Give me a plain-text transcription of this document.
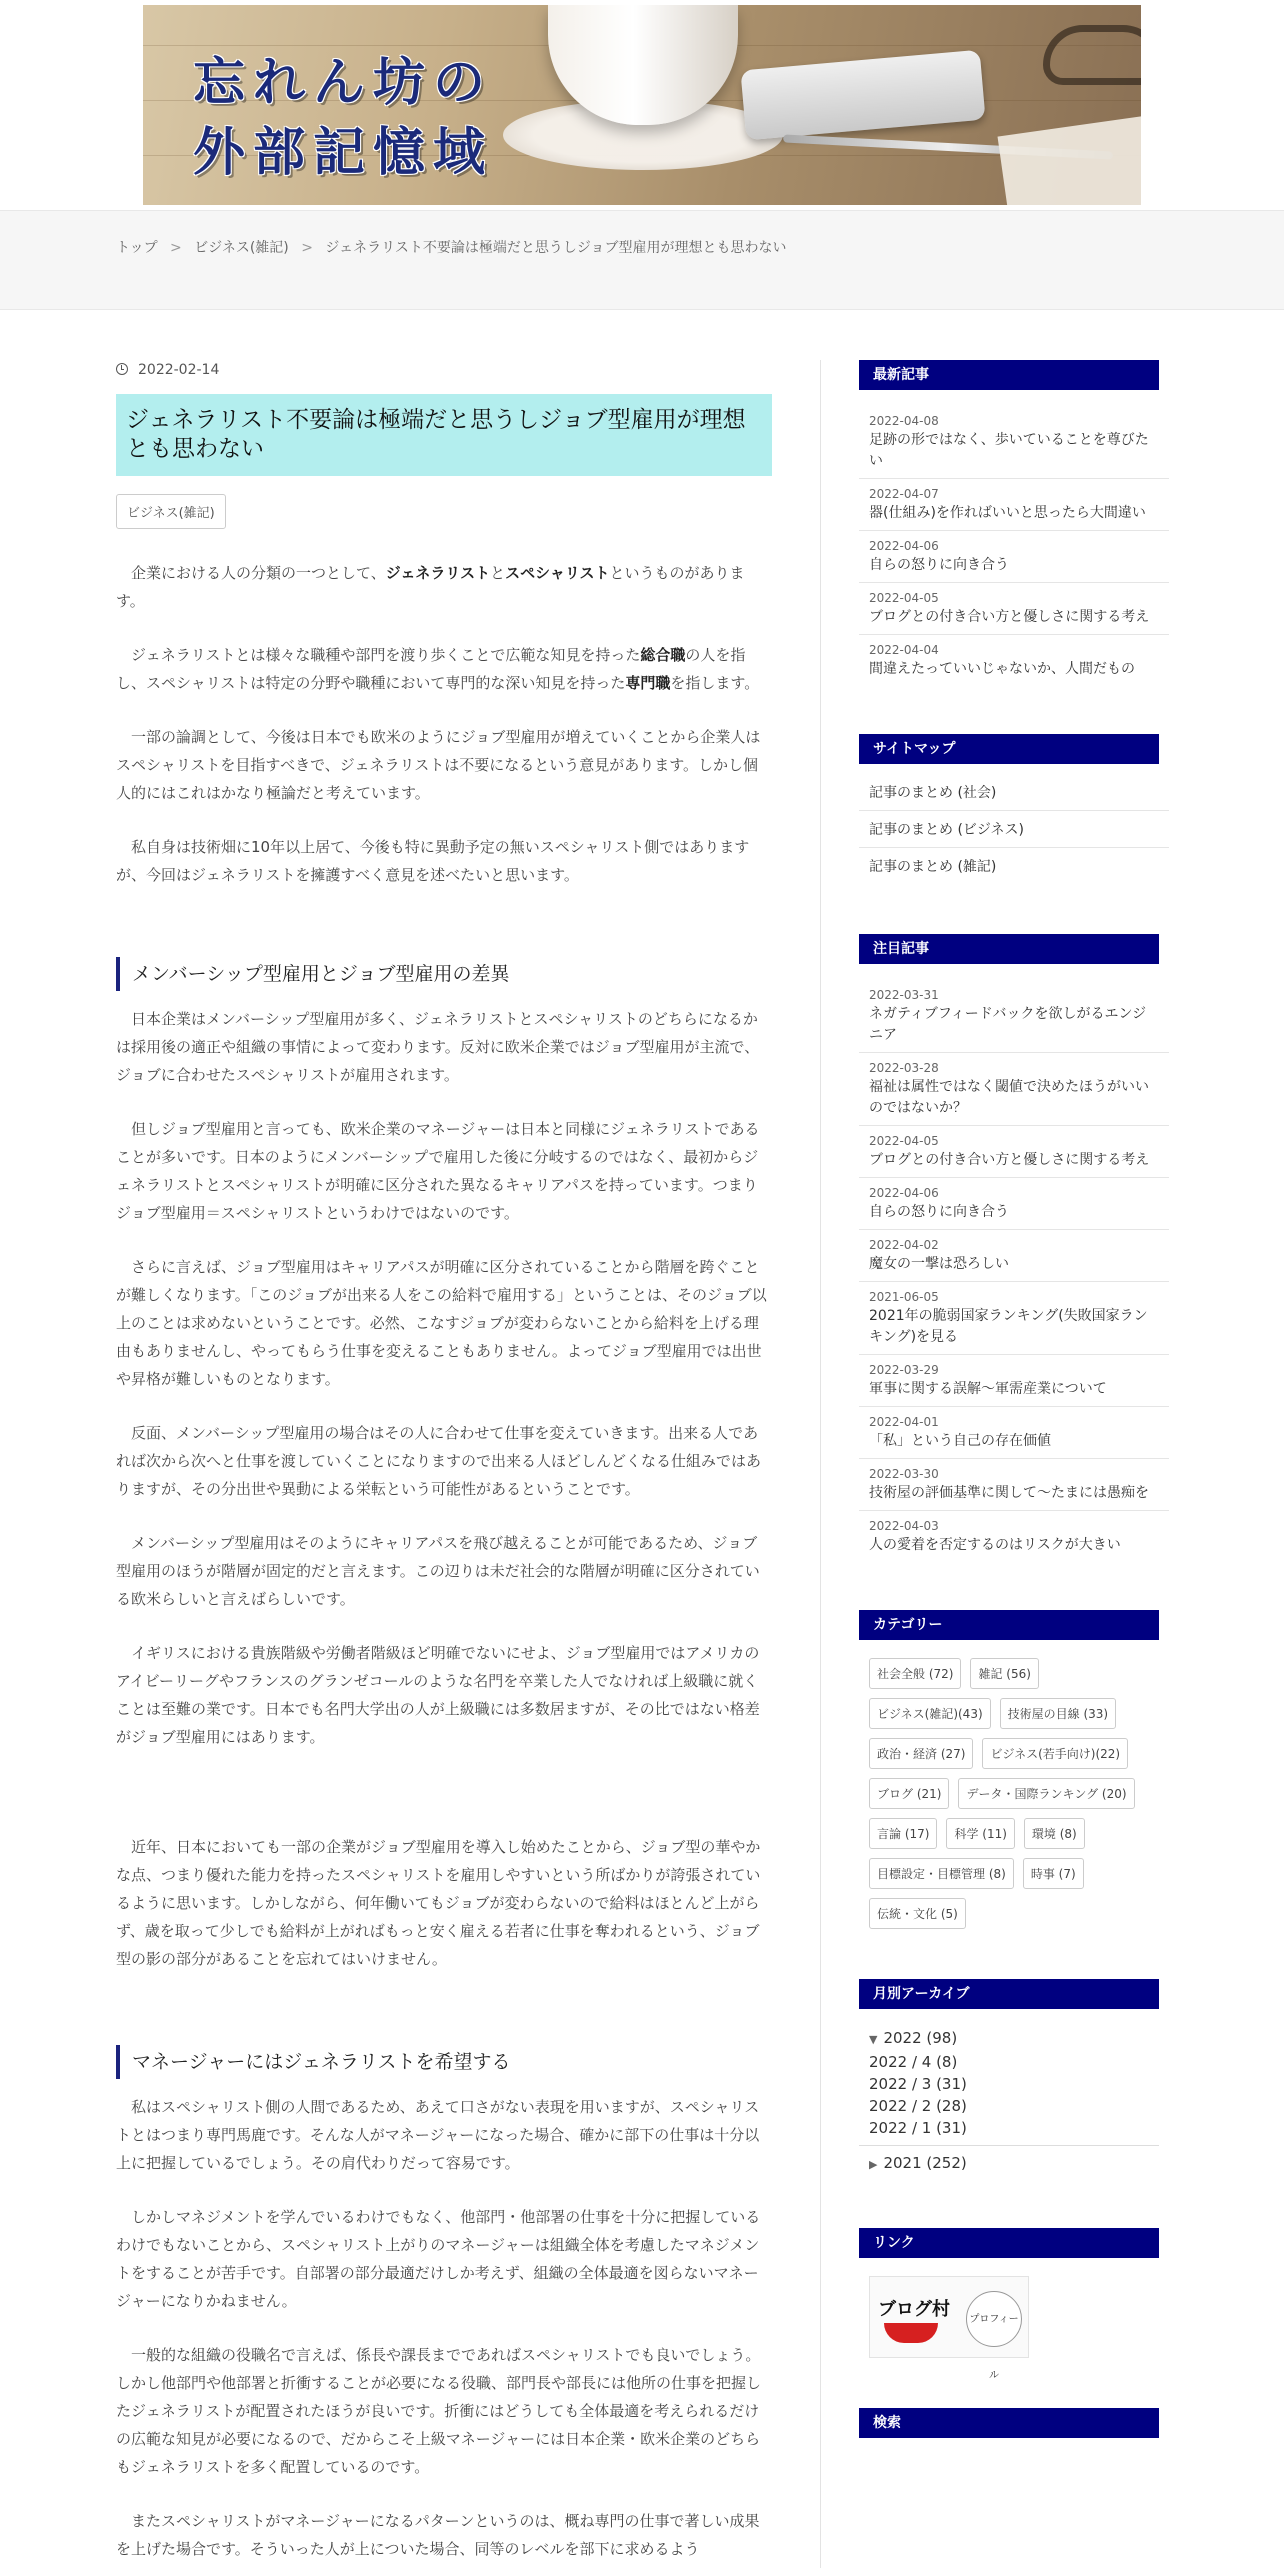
忘れん坊の
外部記憶域
トップ > ビジネス(雑記) > ジェネラリスト不要論は極端だと思うしジョブ型雇用が理想とも思わない
2022-02-14
ジェネラリスト不要論は極端だと思うしジョブ型雇用が理想とも思わない
ビジネス(雑記)

企業における人の分類の一つとして、ジェネラリストとスペシャリストというものがあります。

ジェネラリストとは様々な職種や部門を渡り歩くことで広範な知見を持った総合職の人を指し、スペシャリストは特定の分野や職種において専門的な深い知見を持った専門職を指します。

一部の論調として、今後は日本でも欧米のようにジョブ型雇用が増えていくことから企業人はスペシャリストを目指すべきで、ジェネラリストは不要になるという意見があります。しかし個人的にはこれはかなり極論だと考えています。

私自身は技術畑に10年以上居て、今後も特に異動予定の無いスペシャリスト側ではありますが、今回はジェネラリストを擁護すべく意見を述べたいと思います。

メンバーシップ型雇用とジョブ型雇用の差異

日本企業はメンバーシップ型雇用が多く、ジェネラリストとスペシャリストのどちらになるかは採用後の適正や組織の事情によって変わります。反対に欧米企業ではジョブ型雇用が主流で、ジョブに合わせたスペシャリストが雇用されます。

但しジョブ型雇用と言っても、欧米企業のマネージャーは日本と同様にジェネラリストであることが多いです。日本のようにメンバーシップで雇用した後に分岐するのではなく、最初からジェネラリストとスペシャリストが明確に区分された異なるキャリアパスを持っています。つまりジョブ型雇用＝スペシャリストというわけではないのです。

さらに言えば、ジョブ型雇用はキャリアパスが明確に区分されていることから階層を跨ぐことが難しくなります。「このジョブが出来る人をこの給料で雇用する」ということは、そのジョブ以上のことは求めないということです。必然、こなすジョブが変わらないことから給料を上げる理由もありませんし、やってもらう仕事を変えることもありません。よってジョブ型雇用では出世や昇格が難しいものとなります。

反面、メンバーシップ型雇用の場合はその人に合わせて仕事を変えていきます。出来る人であれば次から次へと仕事を渡していくことになりますので出来る人ほどしんどくなる仕組みではありますが、その分出世や異動による栄転という可能性があるということです。

メンバーシップ型雇用はそのようにキャリアパスを飛び越えることが可能であるため、ジョブ型雇用のほうが階層が固定的だと言えます。この辺りは未だ社会的な階層が明確に区分されている欧米らしいと言えばらしいです。

イギリスにおける貴族階級や労働者階級ほど明確でないにせよ、ジョブ型雇用ではアメリカのアイビーリーグやフランスのグランゼコールのような名門を卒業した人でなければ上級職に就くことは至難の業です。日本でも名門大学出の人が上級職には多数居ますが、その比ではない格差がジョブ型雇用にはあります。

近年、日本においても一部の企業がジョブ型雇用を導入し始めたことから、ジョブ型の華やかな点、つまり優れた能力を持ったスペシャリストを雇用しやすいという所ばかりが誇張されているように思います。しかしながら、何年働いてもジョブが変わらないので給料はほとんど上がらず、歳を取って少しでも給料が上がればもっと安く雇える若者に仕事を奪われるという、ジョブ型の影の部分があることを忘れてはいけません。

マネージャーにはジェネラリストを希望する

私はスペシャリスト側の人間であるため、あえて口さがない表現を用いますが、スペシャリストとはつまり専門馬鹿です。そんな人がマネージャーになった場合、確かに部下の仕事は十分以上に把握しているでしょう。その肩代わりだって容易です。

しかしマネジメントを学んでいるわけでもなく、他部門・他部署の仕事を十分に把握しているわけでもないことから、スペシャリスト上がりのマネージャーは組織全体を考慮したマネジメントをすることが苦手です。自部署の部分最適だけしか考えず、組織の全体最適を図らないマネージャーになりかねません。

一般的な組織の役職名で言えば、係長や課長までであればスペシャリストでも良いでしょう。しかし他部門や他部署と折衝することが必要になる役職、部門長や部長には他所の仕事を把握したジェネラリストが配置されたほうが良いです。折衝にはどうしても全体最適を考えられるだけの広範な知見が必要になるので、だからこそ上級マネージャーには日本企業・欧米企業のどちらもジェネラリストを多く配置しているのです。

またスペシャリストがマネージャーになるパターンというのは、概ね専門の仕事で著しい成果を上げた場合です。そういった人が上についた場合、同等のレベルを部下に求めるよう

最新記事
2022-04-08
足跡の形ではなく、歩いていることを尊びたい
2022-04-07
器(仕組み)を作ればいいと思ったら大間違い
2022-04-06
自らの怒りに向き合う
2022-04-05
ブログとの付き合い方と優しさに関する考え
2022-04-04
間違えたっていいじゃないか、人間だもの
サイトマップ
記事のまとめ (社会)
記事のまとめ (ビジネス)
記事のまとめ (雑記)
注目記事
2022-03-31
ネガティブフィードバックを欲しがるエンジニア
2022-03-28
福祉は属性ではなく閾値で決めたほうがいいのではないか？
2022-04-05
ブログとの付き合い方と優しさに関する考え
2022-04-06
自らの怒りに向き合う
2022-04-02
魔女の一撃は恐ろしい
2021-06-05
2021年の脆弱国家ランキング(失敗国家ランキング)を見る
2022-03-29
軍事に関する誤解～軍需産業について
2022-04-01
「私」という自己の存在価値
2022-03-30
技術屋の評価基準に関して～たまには愚痴を
2022-04-03
人の愛着を否定するのはリスクが大きい
カテゴリー
社会全般 (72)	雑記 (56)
ビジネス(雑記)(43)	技術屋の目線 (33)
政治・経済 (27)	ビジネス(若手向け)(22)
ブログ (21)	データ・国際ランキング (20)
言論 (17)	科学 (11)	環境 (8)
目標設定・目標管理 (8)	時事 (7)
伝統・文化 (5)
月別アーカイブ
▼ 2022 (98)
2022 / 4 (8)
2022 / 3 (31)
2022 / 2 (28)
2022 / 1 (31)
▶ 2021 (252)
リンク
ブログ村	プロフィール
検索
